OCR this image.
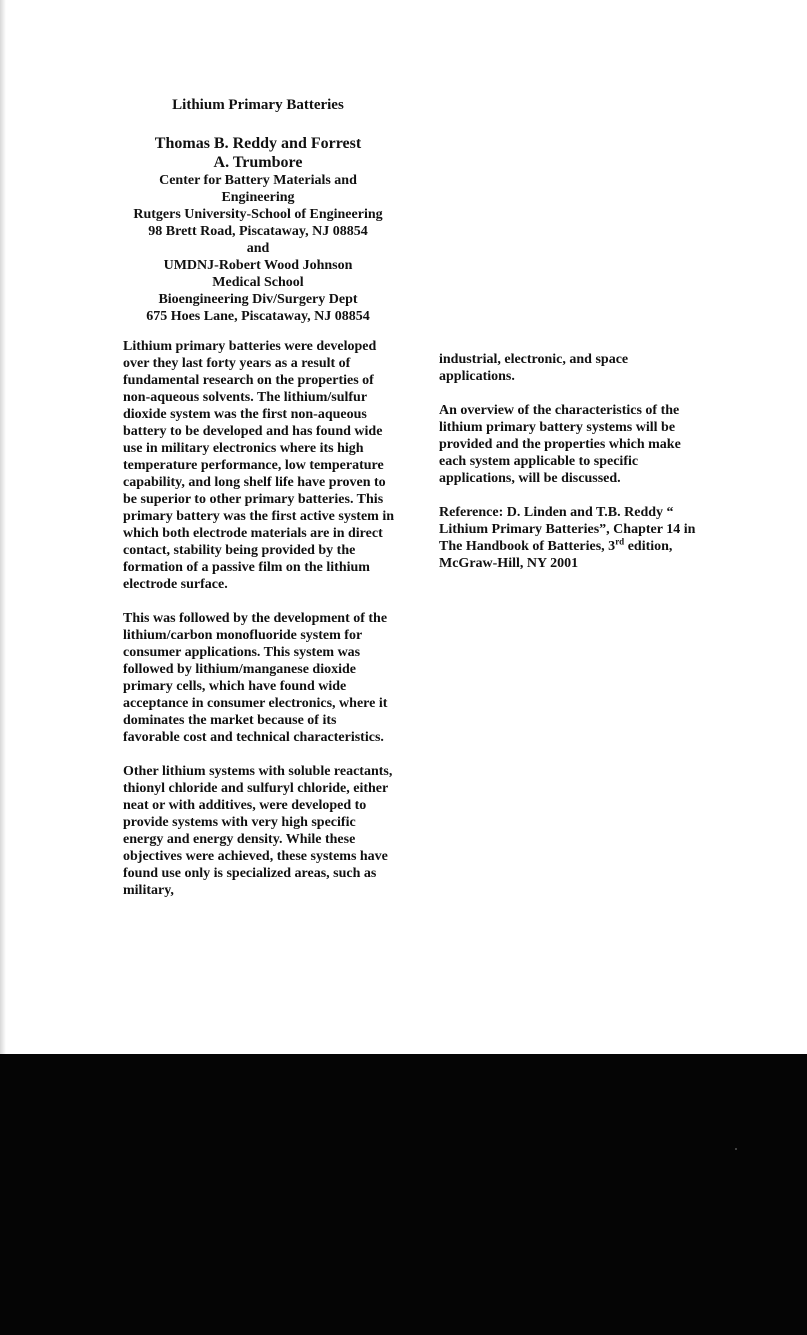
Lithium Primary Batteries
Thomas B. Reddy and Forrest A. Trumbore
Center for Battery Materials and Engineering
Rutgers University-School of Engineering
98 Brett Road, Piscataway, NJ 08854
and
UMDNJ-Robert Wood Johnson Medical School
Bioengineering Div/Surgery Dept
675 Hoes Lane, Piscataway, NJ 08854

Lithium primary batteries were developed over they last forty years as a result of fundamental research on the properties of non-aqueous solvents. The lithium/sulfur dioxide system was the first non-aqueous battery to be developed and has found wide use in military electronics where its high temperature performance, low temperature capability, and long shelf life have proven to be superior to other primary batteries. This primary battery was the first active system in which both electrode materials are in direct contact, stability being provided by the formation of a passive film on the lithium electrode surface.

This was followed by the development of the lithium/carbon monofluoride system for consumer applications. This system was followed by lithium/manganese dioxide primary cells, which have found wide acceptance in consumer electronics, where it dominates the market because of its favorable cost and technical characteristics.

Other lithium systems with soluble reactants, thionyl chloride and sulfuryl chloride, either neat or with additives, were developed to provide systems with very high specific energy and energy density. While these objectives were achieved, these systems have found use only is specialized areas, such as military,

industrial, electronic, and space applications.

An overview of the characteristics of the lithium primary battery systems will be provided and the properties which make each system applicable to specific applications, will be discussed.

Reference: D. Linden and T.B. Reddy “ Lithium Primary Batteries”, Chapter 14 in The Handbook of Batteries, 3rd edition, McGraw-Hill, NY 2001
